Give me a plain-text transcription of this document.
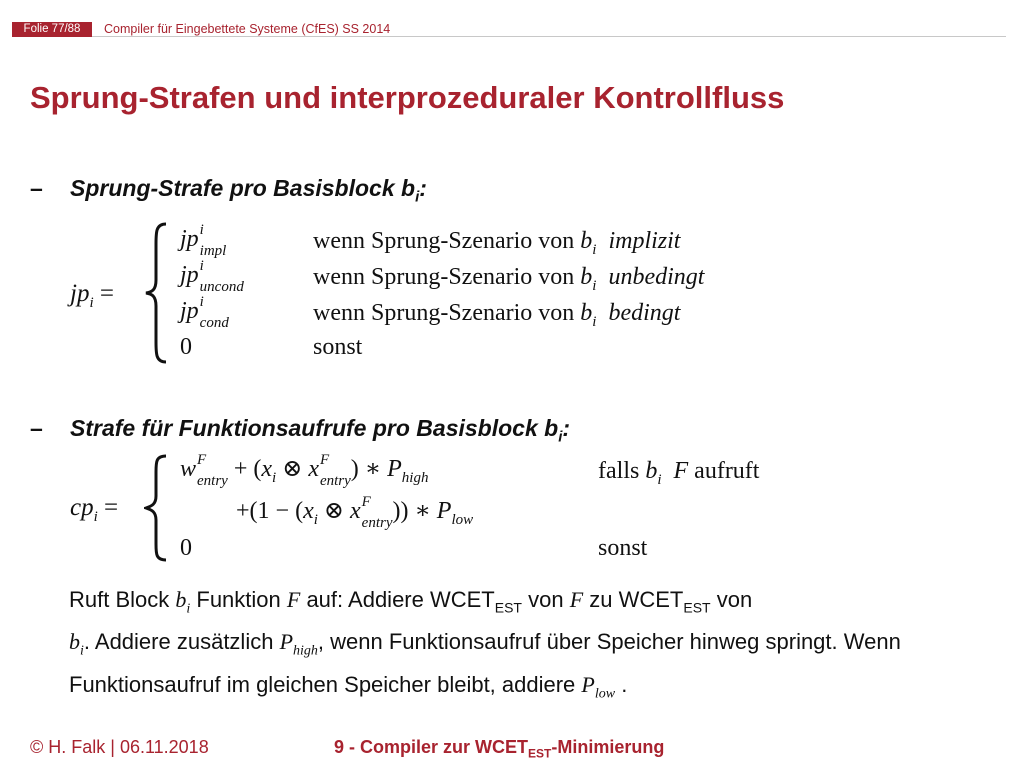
Folie 77/88	Compiler für Eingebettete Systeme (CfES) SS 2014
Sprung-Strafen und interprozeduraler Kontrollfluss
– Sprung-Strafe pro Basisblock $b_i$:
$jp_i$ =
jp i
impl	wenn Sprung-Szenario von $b_i$ implizit
jp i
uncond	wenn Sprung-Szenario von $b_i$ unbedingt
jp i
cond	wenn Sprung-Szenario von $b_i$ bedingt
0	sonst
– Strafe für Funktionsaufrufe pro Basisblock $b_i$:
$cp_i$ =
w F
entry + ($x_i$ ⊗ x F
entry ) ∗ $P_{high}$	falls $b_i$ F aufruft
$+(1 - (x_i$ ⊗ x F
entry )) ∗ $P_{low}$
0	sonst
Ruft Block $b_i$ Funktion F auf: Addiere $WCET_{EST}$ von F zu $WCET_{EST}$ von
$b_i$. Addiere zusätzlich $P_{high}$, wenn Funktionsaufruf über Speicher hinweg springt. Wenn Funktionsaufruf im gleichen Speicher bleibt, addiere $P_{low}$ .
© H. Falk | 06.11.2018	9 - Compiler zur $WCET_{EST}$-Minimierung
